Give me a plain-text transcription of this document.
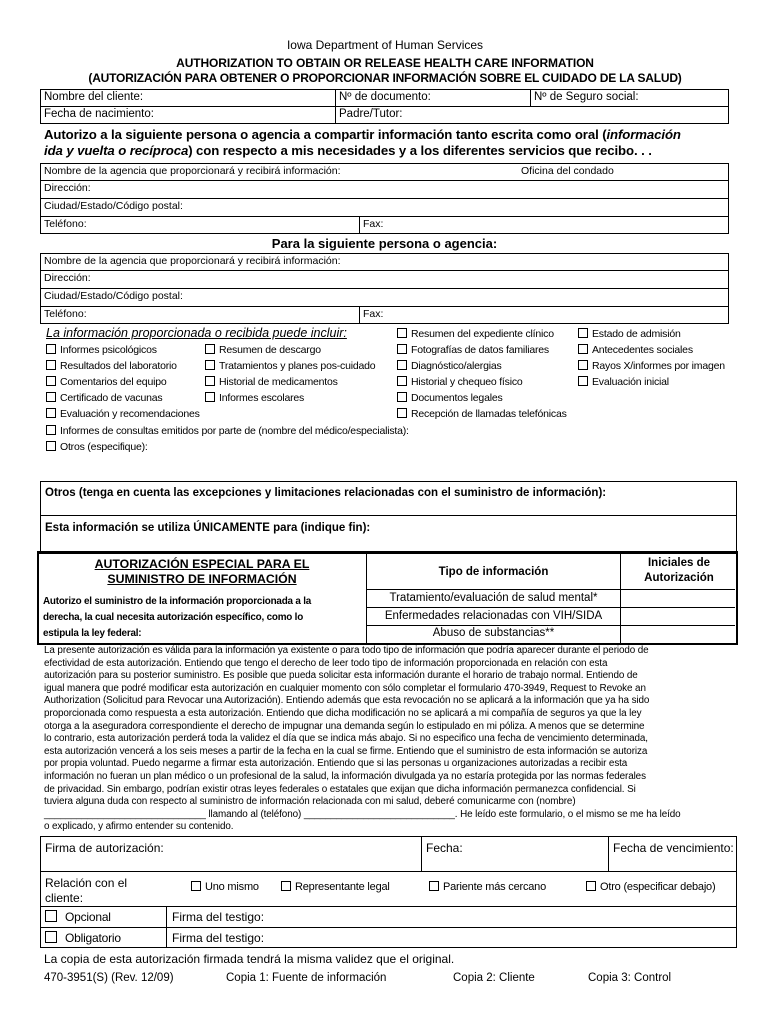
Iowa Department of Human Services
AUTHORIZATION TO OBTAIN OR RELEASE HEALTH CARE INFORMATION
(AUTORIZACIÓN PARA OBTENER O PROPORCIONAR INFORMACIÓN SOBRE EL CUIDADO DE LA SALUD)
Nombre del cliente:	Nº de documento:	Nº de Seguro social:
Fecha de nacimiento:	Padre/Tutor:
Autorizo a la siguiente persona o agencia a compartir información tanto escrita como oral (información
ida y vuelta o recíproca) con respecto a mis necesidades y a los diferentes servicios que recibo. . .
Nombre de la agencia que proporcionará y recibirá información:	Oficina del condado
Dirección:
Ciudad/Estado/Código postal:
Teléfono:	Fax:
Para la siguiente persona o agencia:
Nombre de la agencia que proporcionará y recibirá información:
Dirección:
Ciudad/Estado/Código postal:
Teléfono:	Fax:
La información proporcionada o recibida puede incluir:
Informes psicológicos
Resultados del laboratorio
Comentarios del equipo
Certificado de vacunas
Evaluación y recomendaciones
Resumen de descargo
Tratamientos y planes pos-cuidado
Historial de medicamentos
Informes escolares
Resumen del expediente clínico
Fotografías de datos familiares
Diagnóstico/alergias
Historial y chequeo físico
Documentos legales
Recepción de llamadas telefónicas
Estado de admisión
Antecedentes sociales
Rayos X/informes por imagen
Evaluación inicial
Informes de consultas emitidos por parte de (nombre del médico/especialista):
Otros (especifique):
Otros (tenga en cuenta las excepciones y limitaciones relacionadas con el suministro de información):
Esta información se utiliza ÚNICAMENTE para (indique fin):
AUTORIZACIÓN ESPECIAL PARA EL
SUMINISTRO DE INFORMACIÓN
Autorizo el suministro de la información proporcionada a la
derecha, la cual necesita autorización específico, como lo
estipula la ley federal:
Tipo de información
Iniciales de
Autorización
Tratamiento/evaluación de salud mental*
Enfermedades relacionadas con VIH/SIDA
Abuso de substancias**
La presente autorización es válida para la información ya existente o para todo tipo de información que podría aparecer durante el periodo de
efectividad de esta autorización. Entiendo que tengo el derecho de leer todo tipo de información proporcionada en relación con esta
autorización para su posterior suministro. Es posible que pueda solicitar esta información durante el horario de trabajo normal. Entiendo de
igual manera que podré modificar esta autorización en cualquier momento con sólo completar el formulario 470-3949, Request to Revoke an
Authorization (Solicitud para Revocar una Autorización). Entiendo además que esta revocación no se aplicará a la información que ya ha sido
proporcionada como respuesta a esta autorización. Entiendo que dicha modificación no se aplicará a mi compañía de seguros ya que la ley
otorga a la aseguradora correspondiente el derecho de impugnar una demanda según lo estipulado en mi póliza. A menos que se determine
lo contrario, esta autorización perderá toda la validez el día que se indica más abajo. Si no especifico una fecha de vencimiento determinada,
esta autorización vencerá a los seis meses a partir de la fecha en la cual se firme. Entiendo que el suministro de esta información se autoriza
por propia voluntad. Puedo negarme a firmar esta autorización. Entiendo que si las personas u organizaciones autorizadas a recibir esta
información no fueran un plan médico o un profesional de la salud, la información divulgada ya no estaría protegida por las normas federales
de privacidad. Sin embargo, podrían existir otras leyes federales o estatales que exijan que dicha información permanezca confidencial. Si
tuviera alguna duda con respecto al suministro de información relacionada con mi salud, deberé comunicarme con (nombre)
______________________________ llamando al (teléfono) ____________________________. He leído este formulario, o el mismo se me ha leído
o explicado, y afirmo entender su contenido.
Firma de autorización:	Fecha:	Fecha de vencimiento:
Relación con el
cliente:
Uno mismo	Representante legal	Pariente más cercano	Otro (especificar debajo)
Opcional	Firma del testigo:
Obligatorio	Firma del testigo:
La copia de esta autorización firmada tendrá la misma validez que el original.
470-3951(S) (Rev. 12/09)	Copia 1: Fuente de información	Copia 2: Cliente	Copia 3: Control
